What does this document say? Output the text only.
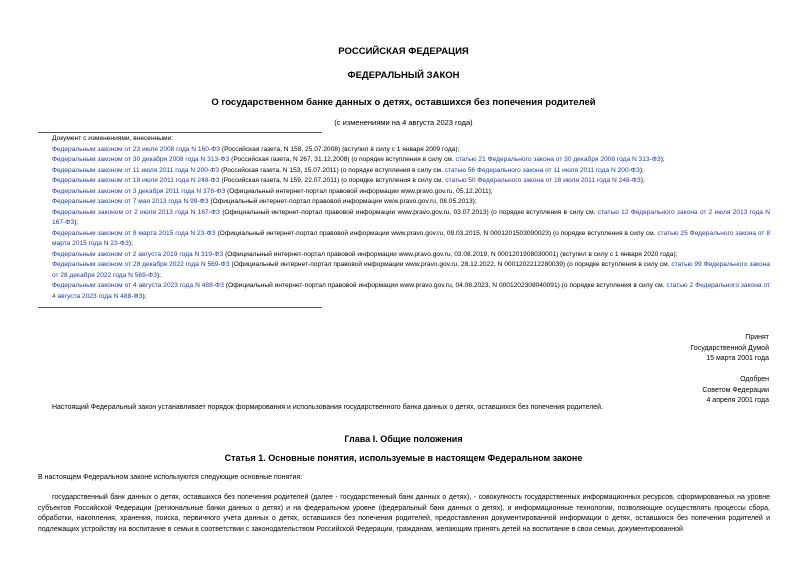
РОССИЙСКАЯ ФЕДЕРАЦИЯ
ФЕДЕРАЛЬНЫЙ ЗАКОН
О государственном банке данных о детях, оставшихся без попечения родителей
(с изменениями на 4 августа 2023 года)
Документ с изменениями, внесенными:
Федеральным законом от 23 июля 2008 года N 160-ФЗ (Российская газета, N 158, 25.07.2008) (вступил в силу с 1 января 2009 года);
Федеральным законом от 30 декабря 2008 года N 313-ФЗ (Российская газета, N 267, 31.12.2008) (о порядке вступления в силу см. статью 21 Федерального закона от 30 декабря 2008 года N 313-ФЗ);
Федеральным законом от 11 июля 2011 года N 200-ФЗ (Российская газета, N 153, 15.07.2011) (о порядке вступления в силу см. статью 56 Федерального закона от 11 июля 2011 года N 200-ФЗ);
Федеральным законом от 18 июля 2011 года N 248-ФЗ (Российская газета, N 159, 22.07.2011) (о порядке вступления в силу см. статью 50 Федерального закона от 18 июля 2011 года N 248-ФЗ);
Федеральным законом от 3 декабря 2011 года N 378-ФЗ (Официальный интернет-портал правовой информации www.pravo.gov.ru, 05.12.2011);
Федеральным законом от 7 мая 2013 года N 99-ФЗ (Официальный интернет-портал правовой информации www.pravo.gov.ru, 08.05.2013);
Федеральным законом от 2 июля 2013 года N 167-ФЗ (Официальный интернет-портал правовой информации www.pravo.gov.ru, 03.07.2013) (о порядке вступления в силу см. статью 12 Федерального закона от 2 июля 2013 года N 167-ФЗ);
Федеральным законом от 8 марта 2015 года N 23-ФЗ (Официальный интернет-портал правовой информации www.pravo.gov.ru, 09.03.2015, N 0001201503090023) (о порядке вступления в силу см. статью 25 Федерального закона от 8 марта 2015 года N 23-ФЗ);
Федеральным законом от 2 августа 2019 года N 319-ФЗ (Официальный интернет-портал правовой информации www.pravo.gov.ru, 03.08.2019, N 0001201908030001) (вступил в силу с 1 января 2020 года);
Федеральным законом от 28 декабря 2022 года N 569-ФЗ (Официальный интернет-портал правовой информации www.pravo.gov.ru, 28.12.2022, N 0001202212280039) (о порядке вступления в силу см. статью 99 Федерального закона от 28 декабря 2022 года N 569-ФЗ);
Федеральным законом от 4 августа 2023 года N 488-ФЗ (Официальный интернет-портал правовой информации www.pravo.gov.ru, 04.08.2023, N 0001202308040091) (о порядке вступления в силу см. статью 2 Федерального закона от 4 августа 2023 года N 488-ФЗ);
Принят
Государственной Думой
15 марта 2001 года
Одобрен
Советом Федерации
4 апреля 2001 года
Настоящий Федеральный закон устанавливает порядок формирования и использования государственного банка данных о детях, оставшихся без попечения родителей.
Глава I. Общие положения
Статья 1. Основные понятия, используемые в настоящем Федеральном законе
В настоящем Федеральном законе используются следующие основные понятия:
государственный банк данных о детях, оставшихся без попечения родителей (далее - государственный банк данных о детях), - совокупность государственных информационных ресурсов, сформированных на уровне субъектов Российской Федерации (региональные банки данных о детях) и на федеральном уровне (федеральный банк данных о детях), и информационные технологии, позволяющие осуществлять процессы сбора, обработки, накопления, хранения, поиска, первичного учета данных о детях, оставшихся без попечения родителей, предоставления документированной информации о детях, оставшихся без попечения родителей и подлежащих устройству на воспитание в семьи в соответствии с законодательством Российской Федерации, гражданам, желающим принять детей на воспитание в свои семьи, документированной
